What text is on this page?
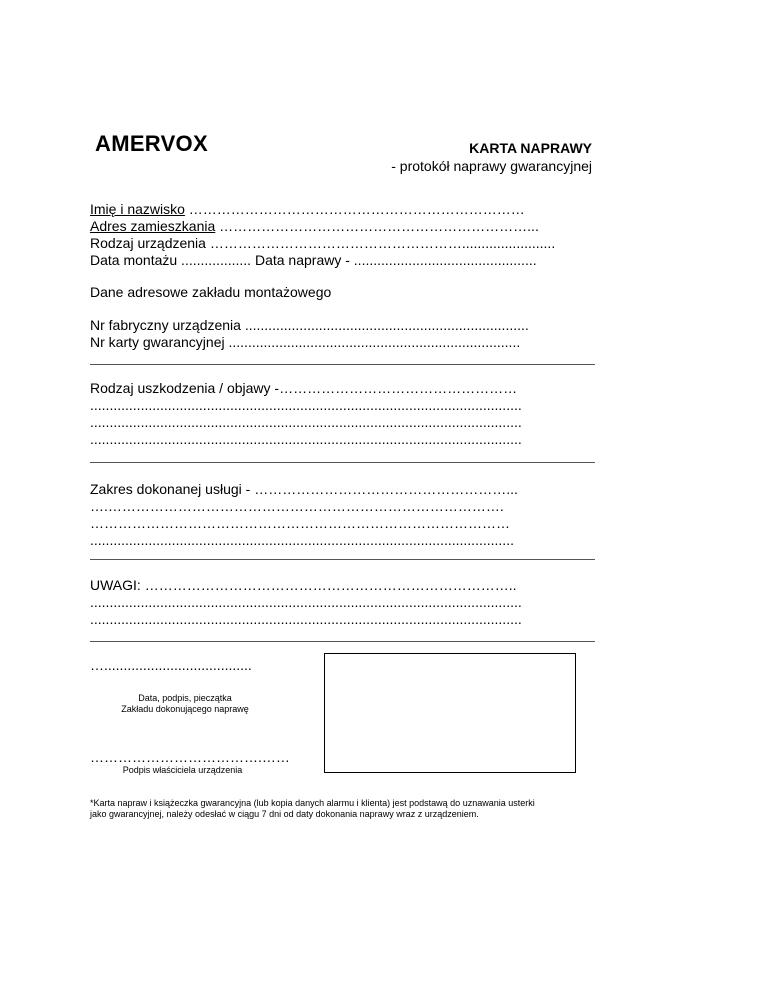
AMERVOX	KARTA NAPRAWY
- protokół naprawy gwarancyjnej
Imię i nazwisko ………………………………………………………………
Adres zamieszkania …………………………………………………………...
Rodzaj urządzenia ………………………………………………........................
Data montażu .................. Data naprawy - ...............................................
Dane adresowe zakładu montażowego
Nr fabryczny urządzenia .........................................................................
Nr karty gwarancyjnej ...........................................................................
Rodzaj uszkodzenia / objawy -……………………………………………
...............................................................................................................
...............................................................................................................
...............................................................................................................
Zakres dokonanej usługi - ………………………………………………...
….………………………………………………………………………….
………………………………………………………………………………
.............................................................................................................
UWAGI: ……………………………………………………………………..
...............................................................................................................
...............................................................................................................
…......................................
Data, podpis, pieczątka
Zakładu dokonującego naprawę
……………………………….……
Podpis właściciela urządzenia
*Karta napraw i książeczka gwarancyjna (lub kopia danych alarmu i klienta) jest podstawą do uznawania usterki
jako gwarancyjnej, należy odesłać w ciągu 7 dni od daty dokonania naprawy wraz z urządzeniem.
